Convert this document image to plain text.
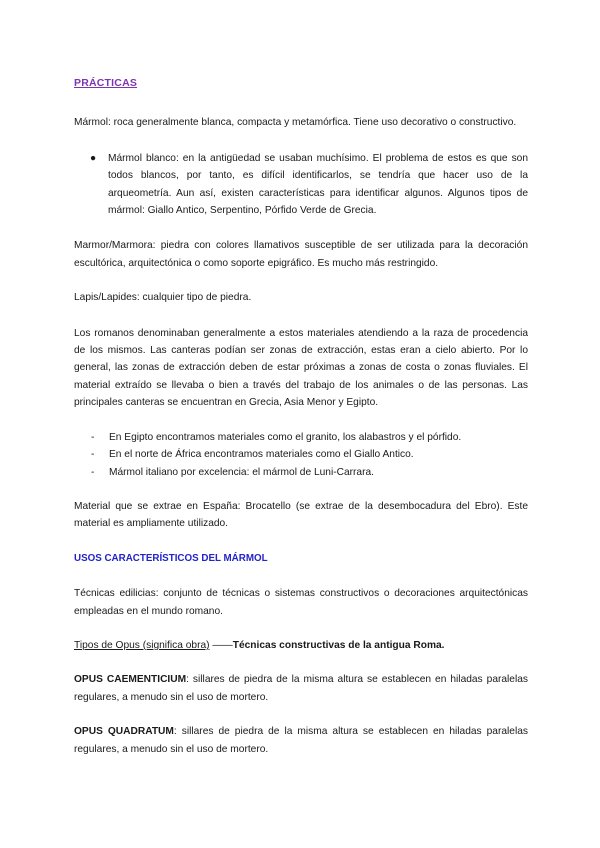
PRÁCTICAS

Mármol: roca generalmente blanca, compacta y metamórfica. Tiene uso decorativo o constructivo.

● Mármol blanco: en la antigüedad se usaban muchísimo. El problema de estos es que son todos blancos, por tanto, es difícil identificarlos, se tendría que hacer uso de la arqueometría. Aun así, existen características para identificar algunos. Algunos tipos de mármol: Giallo Antico, Serpentino, Pórfido Verde de Grecia.

Marmor/Marmora: piedra con colores llamativos susceptible de ser utilizada para la decoración escultórica, arquitectónica o como soporte epigráfico. Es mucho más restringido.

Lapis/Lapides: cualquier tipo de piedra.

Los romanos denominaban generalmente a estos materiales atendiendo a la raza de procedencia de los mismos. Las canteras podían ser zonas de extracción, estas eran a cielo abierto. Por lo general, las zonas de extracción deben de estar próximas a zonas de costa o zonas fluviales. El material extraído se llevaba o bien a través del trabajo de los animales o de las personas. Las principales canteras se encuentran en Grecia, Asia Menor y Egipto.

- En Egipto encontramos materiales como el granito, los alabastros y el pórfido.
- En el norte de África encontramos materiales como el Giallo Antico.
- Mármol italiano por excelencia: el mármol de Luni-Carrara.

Material que se extrae en España: Brocatello (se extrae de la desembocadura del Ebro). Este material es ampliamente utilizado.

USOS CARACTERÍSTICOS DEL MÁRMOL

Técnicas edilicias: conjunto de técnicas o sistemas constructivos o decoraciones arquitectónicas empleadas en el mundo romano.

Tipos de Opus (significa obra) ——Técnicas constructivas de la antigua Roma.

OPUS CAEMENTICIUM: sillares de piedra de la misma altura se establecen en hiladas paralelas regulares, a menudo sin el uso de mortero.

OPUS QUADRATUM: sillares de piedra de la misma altura se establecen en hiladas paralelas regulares, a menudo sin el uso de mortero.
